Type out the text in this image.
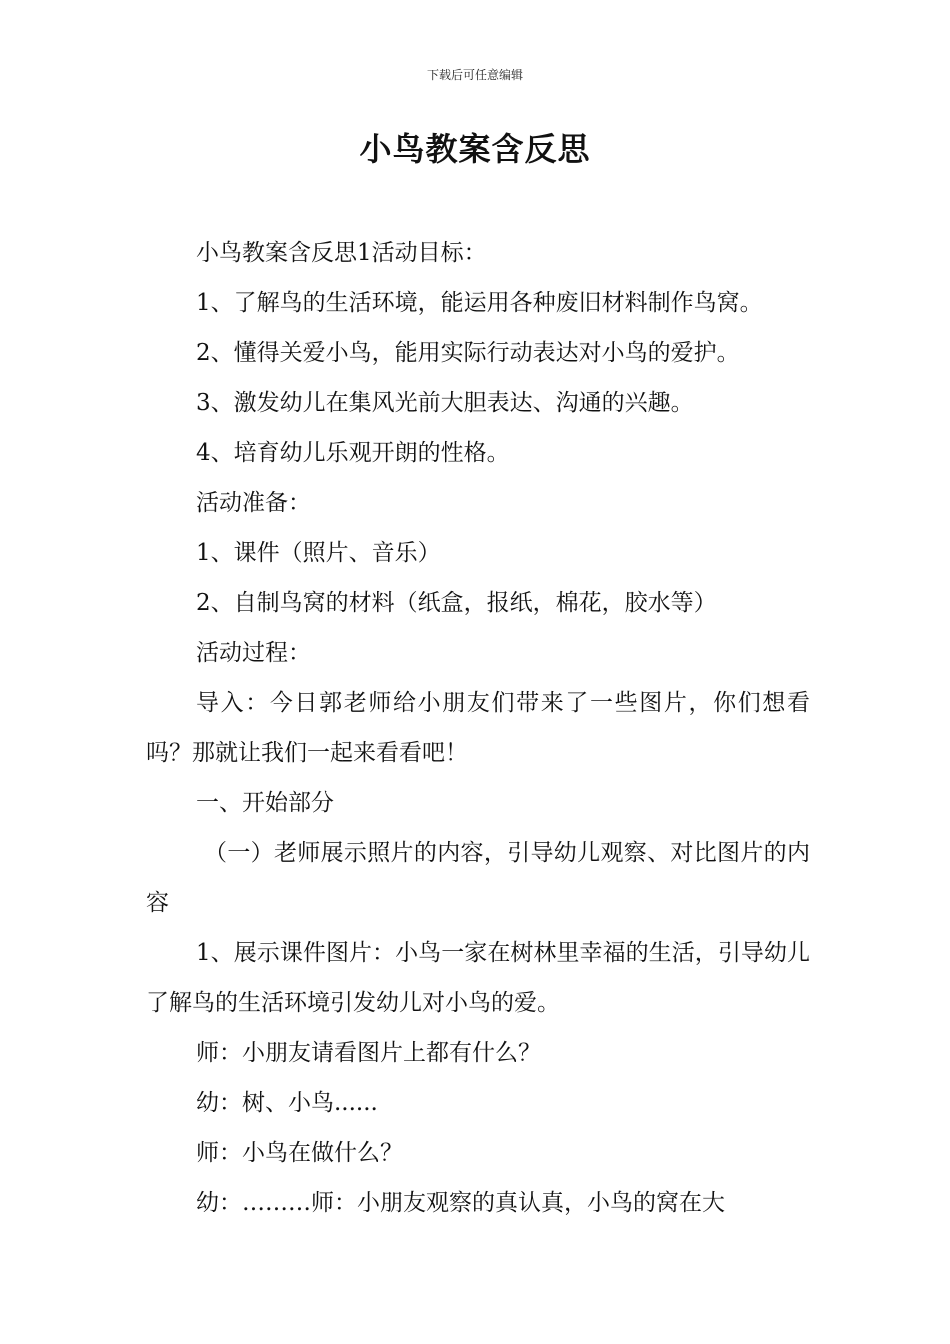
下载后可任意编辑
小鸟教案含反思

小鸟教案含反思1活动目标：

1、了解鸟的生活环境，能运用各种废旧材料制作鸟窝。

2、懂得关爱小鸟，能用实际行动表达对小鸟的爱护。

3、激发幼儿在集风光前大胆表达、沟通的兴趣。

4、培育幼儿乐观开朗的性格。

活动准备：

1、课件（照片、音乐）

2、自制鸟窝的材料（纸盒，报纸，棉花，胶水等）

活动过程：

导入：今日郭老师给小朋友们带来了一些图片，你们想看吗？那就让我们一起来看看吧！

一、开始部分

（一）老师展示照片的内容，引导幼儿观察、对比图片的内容

1、展示课件图片：小鸟一家在树林里幸福的生活，引导幼儿了解鸟的生活环境引发幼儿对小鸟的爱。

师：小朋友请看图片上都有什么？

幼：树、小鸟......

师：小鸟在做什么？

幼：………师：小朋友观察的真认真，小鸟的窝在大
